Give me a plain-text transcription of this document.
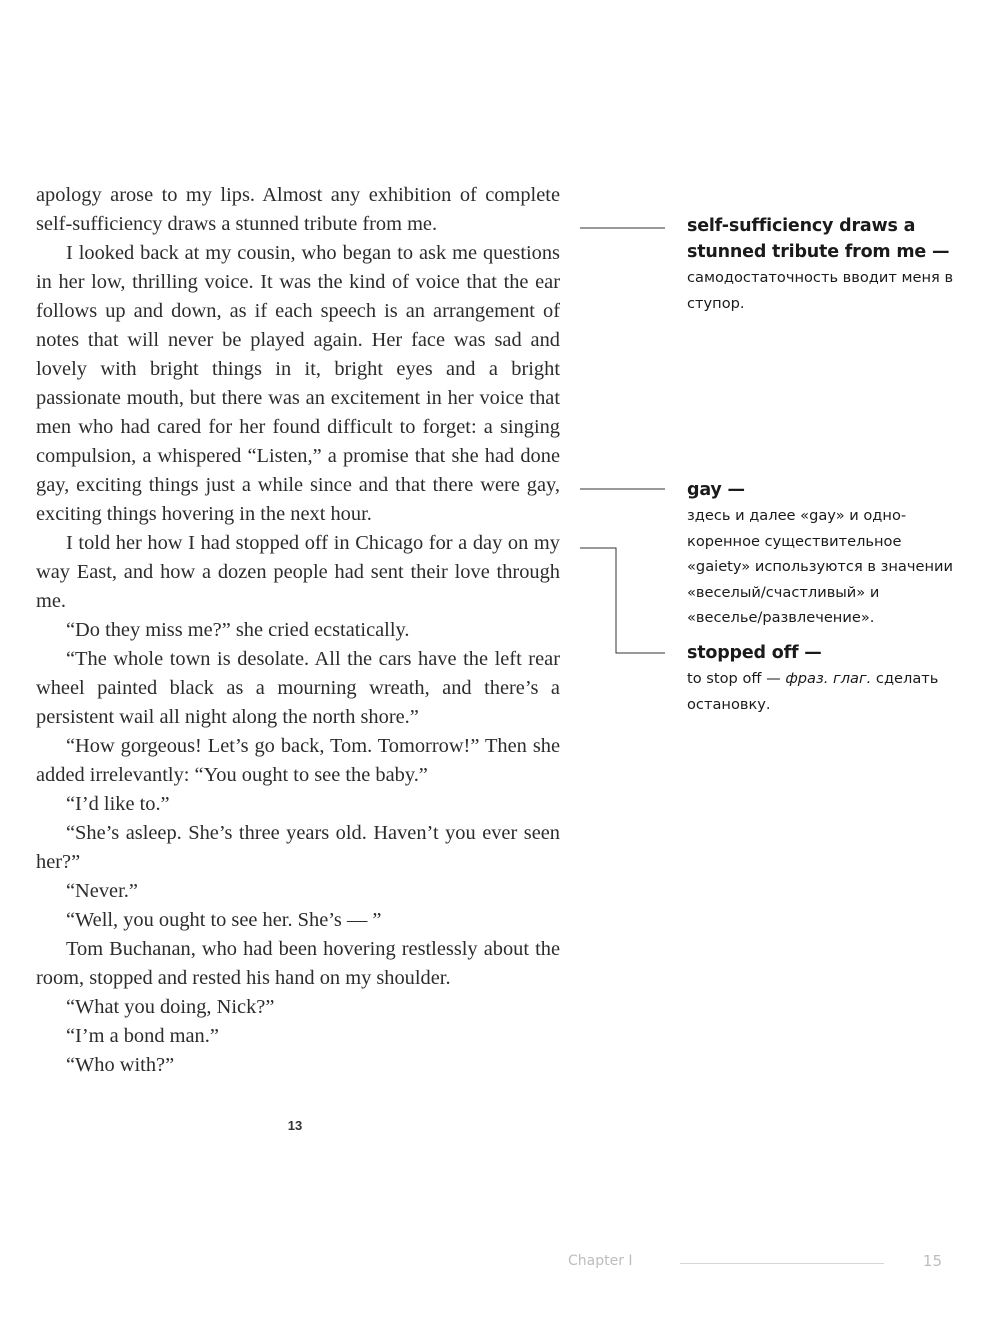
apology arose to my lips. Almost any exhibition of complete self-sufficiency draws a stunned tribute from me.

I looked back at my cousin, who began to ask me questions in her low, thrilling voice. It was the kind of voice that the ear follows up and down, as if each speech is an arrangement of notes that will never be played again. Her face was sad and lovely with bright things in it, bright eyes and a bright passionate mouth, but there was an excitement in her voice that men who had cared for her found difficult to forget: a singing compulsion, a whispered “Listen,” a promise that she had done gay, exciting things just a while since and that there were gay, exciting things hovering in the next hour.

I told her how I had stopped off in Chicago for a day on my way East, and how a dozen people had sent their love through me.

“Do they miss me?” she cried ecstatically.

“The whole town is desolate. All the cars have the left rear wheel painted black as a mourning wreath, and there’s a persistent wail all night along the north shore.”

“How gorgeous! Let’s go back, Tom. Tomorrow!” Then she added irrelevantly: “You ought to see the baby.”

“I’d like to.”

“She’s asleep. She’s three years old. Haven’t you ever seen her?”

“Never.”

“Well, you ought to see her. She’s — ”

Tom Buchanan, who had been hovering restlessly about the room, stopped and rested his hand on my shoulder.

“What you doing, Nick?”

“I’m a bond man.”

“Who with?”

self-sufficiency draws a stunned tribute from me —

самодостаточность вводит меня в ступор.

gay —

здесь и далее «gay» и однокоренное существительное «gaiety» используются в значении «веселый/счастливый» и «веселье/развлечение».

stopped off —

to stop off — фраз. глаг. сделать остановку.

13
Chapter I	15
